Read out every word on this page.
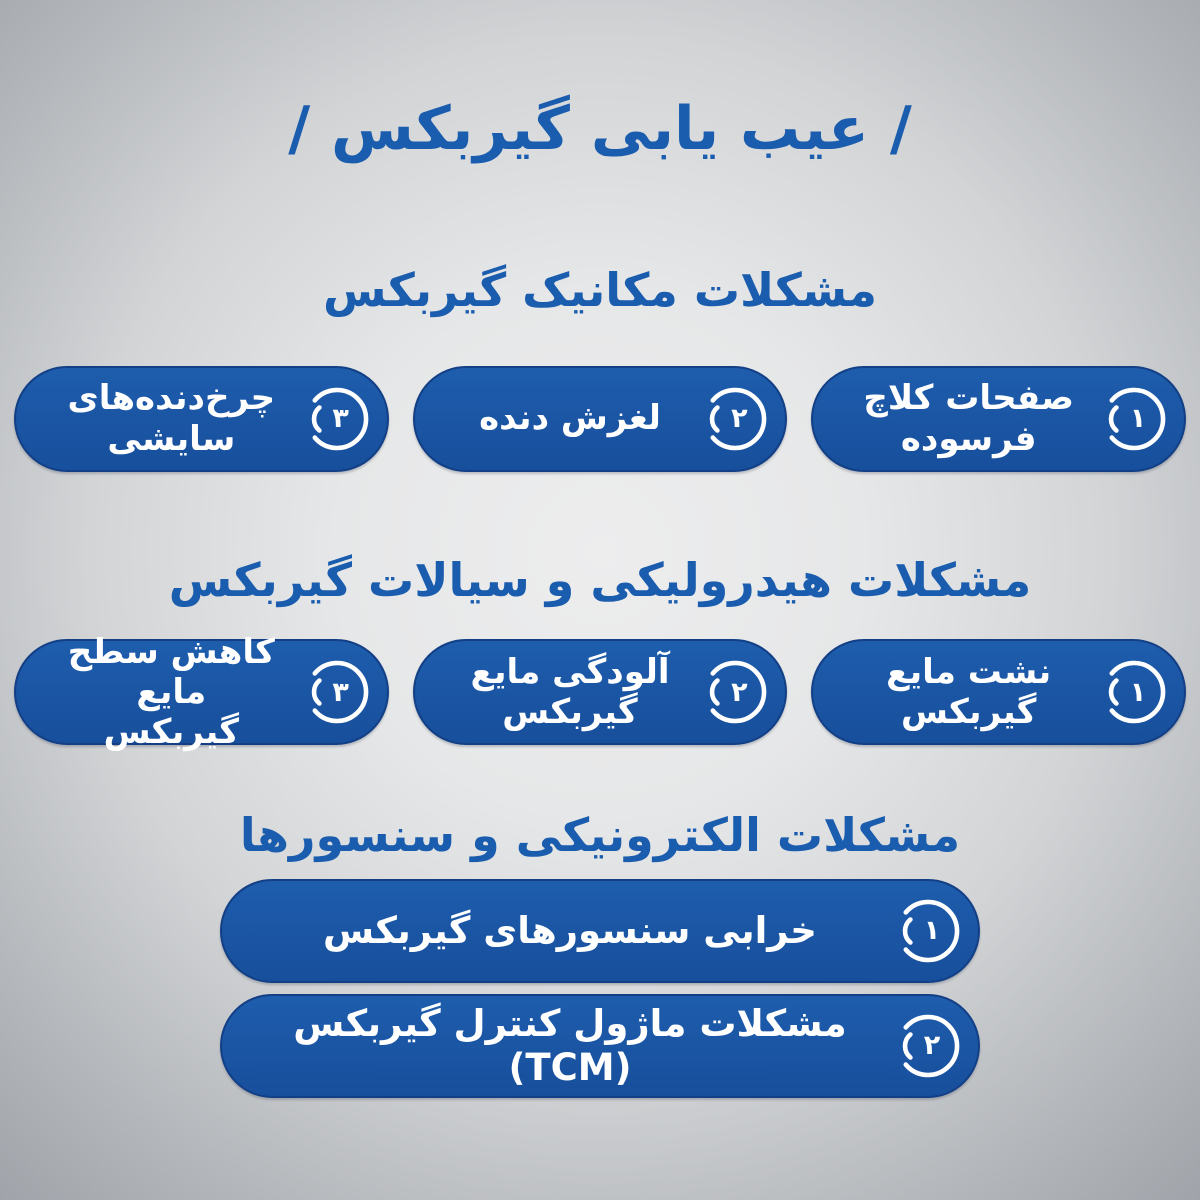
/ عیب یابی گیربکس /
مشکلات مکانیک گیربکس
۱
صفحات کلاچ
فرسوده
۲
لغزش دنده
۳
چرخ‌دنده‌های
سایشی
مشکلات هیدرولیکی و سیالات گیربکس
۱
نشت مایع
گیربکس
۲
آلودگی مایع
گیربکس
۳
کاهش سطح مایع
گیربکس
مشکلات الکترونیکی و سنسورها
۱
خرابی سنسورهای گیربکس
۲
مشکلات ماژول کنترل گیربکس (TCM)
